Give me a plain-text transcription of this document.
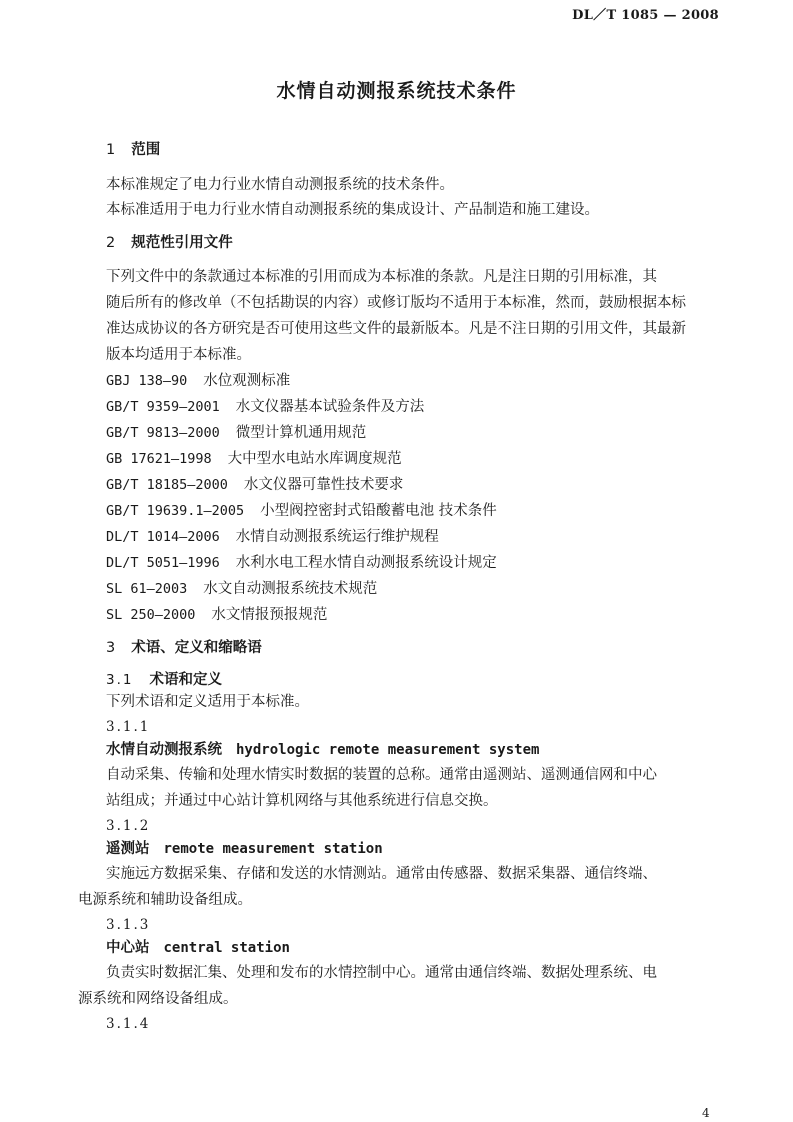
DL／T 1085 — 2008
水情自动测报系统技术条件
1 范围
本标准规定了电力行业水情自动测报系统的技术条件。
本标准适用于电力行业水情自动测报系统的集成设计、产品制造和施工建设。
2 规范性引用文件
下列文件中的条款通过本标准的引用而成为本标准的条款。凡是注日期的引用标准，其
随后所有的修改单（不包括勘误的内容）或修订版均不适用于本标准，然而，鼓励根据本标
准达成协议的各方研究是否可使用这些文件的最新版本。凡是不注日期的引用文件，其最新
版本均适用于本标准。
GBJ 138—90 水位观测标准
GB/T 9359—2001 水文仪器基本试验条件及方法
GB/T 9813—2000 微型计算机通用规范
GB 17621—1998 大中型水电站水库调度规范
GB/T 18185—2000 水文仪器可靠性技术要求
GB/T 19639.1—2005 小型阀控密封式铅酸蓄电池 技术条件
DL/T 1014—2006 水情自动测报系统运行维护规程
DL/T 5051—1996 水利水电工程水情自动测报系统设计规定
SL 61—2003 水文自动测报系统技术规范
SL 250—2000 水文情报预报规范
3 术语、定义和缩略语
3.1 术语和定义
下列术语和定义适用于本标准。
3.1.1
水情自动测报系统 hydrologic remote measurement system
自动采集、传输和处理水情实时数据的装置的总称。通常由遥测站、遥测通信网和中心
站组成；并通过中心站计算机网络与其他系统进行信息交换。
3.1.2
遥测站 remote measurement station
实施远方数据采集、存储和发送的水情测站。通常由传感器、数据采集器、通信终端、
电源系统和辅助设备组成。
3.1.3
中心站 central station
负责实时数据汇集、处理和发布的水情控制中心。通常由通信终端、数据处理系统、电
源系统和网络设备组成。
3.1.4
4
